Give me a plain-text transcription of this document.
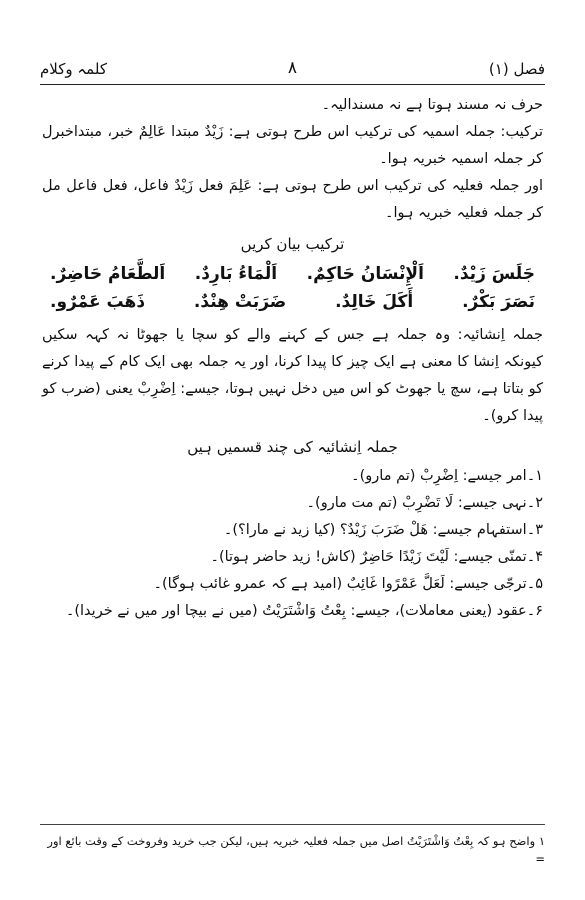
فصل (۱)
۸
کلمہ وکلام

حرف نہ مسند ہوتا ہے نہ مسندالیہ۔

ترکیب: جملہ اسمیہ کی ترکیب اس طرح ہوتی ہے: زَیْدٌ مبتدا عَالِمٌ خبر، مبتداخبرل کر جملہ اسمیہ خبریہ ہوا۔

اور جملہ فعلیہ کی ترکیب اس طرح ہوتی ہے: عَلِمَ فعل زَیْدٌ فاعل، فعل فاعل مل کر جملہ فعلیہ خبریہ ہوا۔

ترکیب بیان کریں
اَلطَّعَامُ حَاضِرٌ. اَلْمَاءُ بَارِدٌ. اَلْإِنْسَانُ حَاکِمٌ. جَلَسَ زَیْدٌ.
ذَهَبَ عَمْرٌو.	ضَرَبَتْ هِنْدٌ.	أَكَلَ خَالِدٌ.	نَصَرَ بَكْرٌ.

جملہ اِنشائیہ: وہ جملہ ہے جس کے کہنے والے کو سچا یا جھوٹا نہ کہہ سکیں کیونکہ اِنشا کا معنی ہے ایک چیز کا پیدا کرنا، اور یہ جملہ بھی ایک کام کے پیدا کرنے کو بتاتا ہے، سچ یا جھوٹ کو اس میں دخل نہیں ہوتا، جیسے: اِضْرِبْ یعنی (ضرب کو پیدا کرو)۔

جملہ اِنشائیہ کی چند قسمیں ہیں

۱۔امر جیسے: اِضْرِبْ (تم مارو)۔

۲۔نہی جیسے: لَا تَضْرِبْ (تم مت مارو)۔

۳۔استفہام جیسے: هَلْ ضَرَبَ زَیْدٌ؟ (کیا زید نے مارا؟)۔

۴۔تمنّی جیسے: لَیْتَ زَیْدًا حَاضِرٌ (کاش! زید حاضر ہوتا)۔

۵۔ترجّی جیسے: لَعَلَّ عَمْرًوا غَائِبٌ (امید ہے کہ عمرو غائب ہوگا)۔

۶۔عقود (یعنی معاملات)، جیسے: بِعْتُ وَاشْتَرَیْتُ (میں نے بیچا اور میں نے خریدا)۔

۱ واضح ہو کہ بِعْتُ وَاشْتَرَیْتُ اصل میں جملہ فعلیہ خبریہ ہیں، لیکن جب خرید وفروخت کے وقت بائع اور =
